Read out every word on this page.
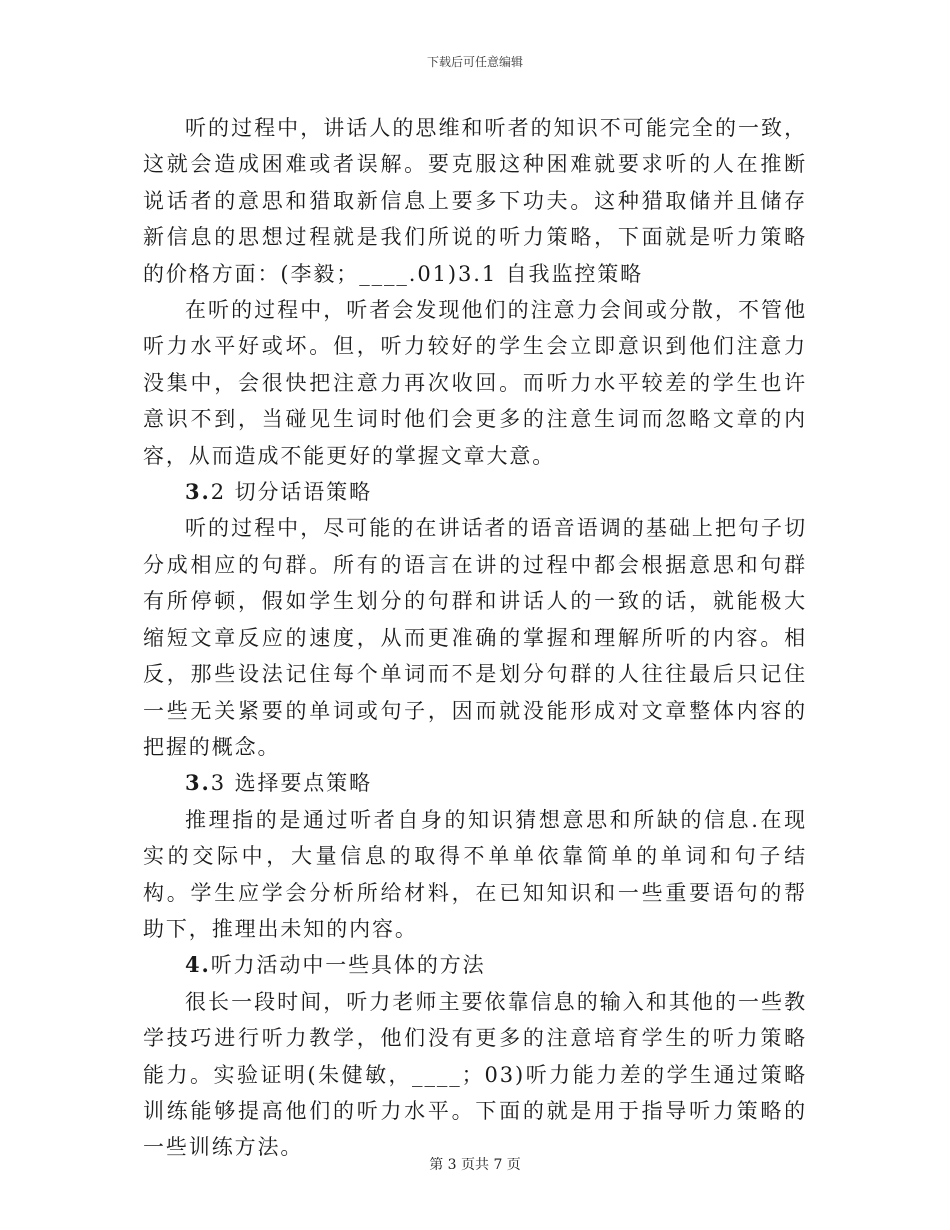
下载后可任意编辑

听的过程中，讲话人的思维和听者的知识不可能完全的一致，这就会造成困难或者误解。要克服这种困难就要求听的人在推断说话者的意思和猎取新信息上要多下功夫。这种猎取储并且储存新信息的思想过程就是我们所说的听力策略，下面就是听力策略的价格方面：(李毅；____.01)3.1 自我监控策略

在听的过程中，听者会发现他们的注意力会间或分散，不管他听力水平好或坏。但，听力较好的学生会立即意识到他们注意力没集中，会很快把注意力再次收回。而听力水平较差的学生也许意识不到，当碰见生词时他们会更多的注意生词而忽略文章的内容，从而造成不能更好的掌握文章大意。

3.2 切分话语策略

听的过程中，尽可能的在讲话者的语音语调的基础上把句子切分成相应的句群。所有的语言在讲的过程中都会根据意思和句群有所停顿，假如学生划分的句群和讲话人的一致的话，就能极大缩短文章反应的速度，从而更准确的掌握和理解所听的内容。相反，那些设法记住每个单词而不是划分句群的人往往最后只记住一些无关紧要的单词或句子，因而就没能形成对文章整体内容的把握的概念。

3.3 选择要点策略

推理指的是通过听者自身的知识猜想意思和所缺的信息.在现实的交际中，大量信息的取得不单单依靠简单的单词和句子结构。学生应学会分析所给材料，在已知知识和一些重要语句的帮助下，推理出未知的内容。

4.听力活动中一些具体的方法

很长一段时间，听力老师主要依靠信息的输入和其他的一些教学技巧进行听力教学，他们没有更多的注意培育学生的听力策略能力。实验证明(朱健敏，____；03)听力能力差的学生通过策略训练能够提高他们的听力水平。下面的就是用于指导听力策略的一些训练方法。

第 3 页共 7 页
